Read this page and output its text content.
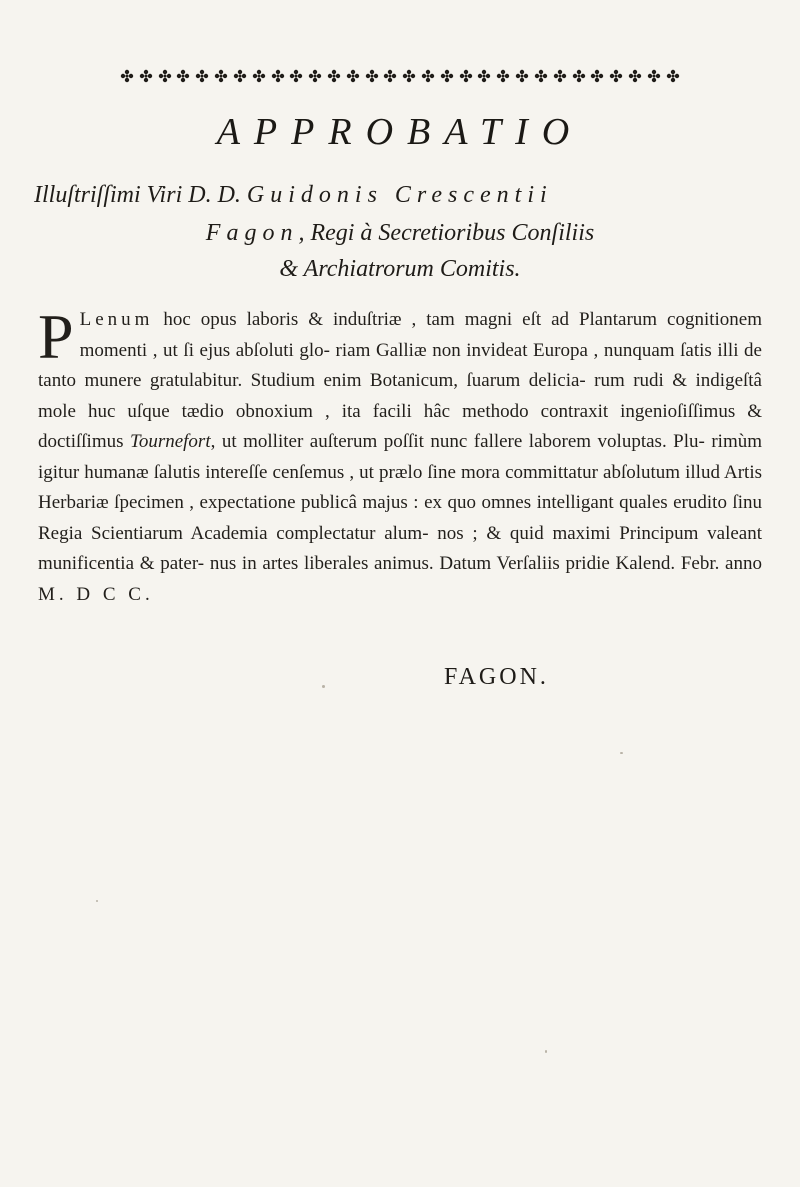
APPROBATIO
Illuſtriſſimi Viri D. D. Guidonis Crescentii
Fagon, Regi à Secretioribus Conſiliis
& Archiatrorum Comitis.
P Lenum hoc opus laboris & induſtriæ , tam magni eſt ad Plantarum cognitionem momenti , ut ſi ejus abſoluti glo- riam Galliæ non invideat Europa , nunquam ſatis illi de tanto munere gratulabitur. Studium enim Botanicum, ſuarum delicia- rum rudi & indigeſtâ mole huc uſque tædio obnoxium , ita facili hâc methodo contraxit ingenioſiſſimus & doctiſſimus Tournefort, ut molliter auſterum poſſit nunc fallere laborem voluptas. Plu- rimùm igitur humanæ ſalutis intereſſe cenſemus , ut prælo ſine mora committatur abſolutum illud Artis Herbariæ ſpecimen , expectatione publicâ majus : ex quo omnes intelligant quales erudito ſinu Regia Scientiarum Academia complectatur alum- nos ; & quid maximi Principum valeant munificentia & pater- nus in artes liberales animus. Datum Verſaliis pridie Kalend. Febr. anno M. D C C.
FAGON.
